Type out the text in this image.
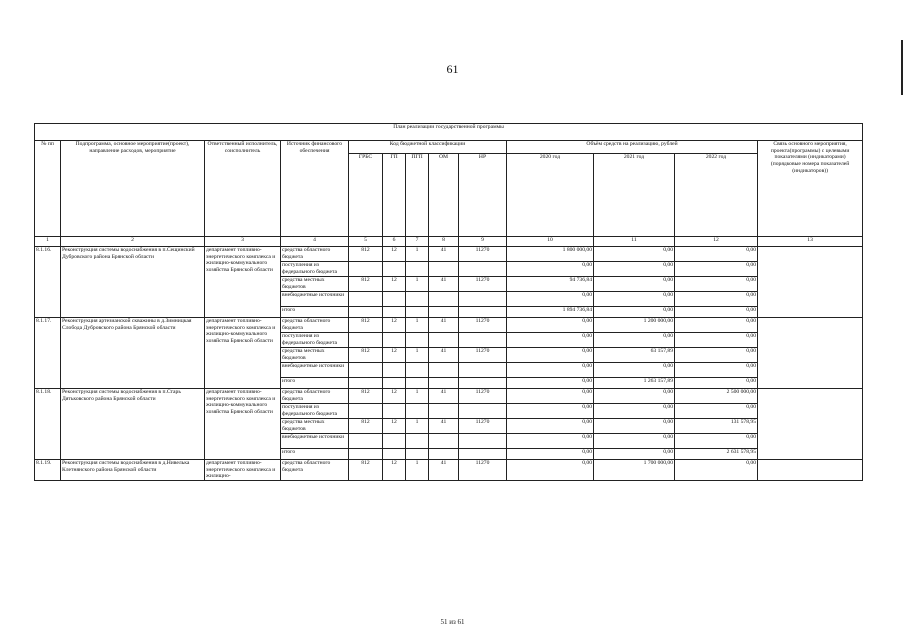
61
План реализации государственной программы												
№ пп	Подпрограмма, основное мероприятие(проект), направление расходов, мероприятие	Ответственный исполнитель, соисполнитель	Источник финансового обеспечения	Код бюджетной классификации					Объём средств на реализацию, рублей			Связь основного мероприятия, проекта(программы) с целевыми показателями (индикаторами) (порядковые номера показателей (индикаторов))
				ГРБС	ГП	ПГП	ОМ	НР	2020 год	2021 год	2022 год	
1	2	3	4	5	6	7	8	9	10	11	12	13
8.1.16.	Реконструкция системы водоснабжения в п.Сещинский Дубровского района Брянской области	департамент топливно-энергетического комплекса и жилищно-коммунального хозяйства Брянской области	средства областного бюджета	812	12	1	41	11270	1 800 000,00	0,00	0,00	
			поступления из федерального бюджета						0,00	0,00	0,00	
			средства местных бюджетов	812	12	1	41	11270	94 736,84	0,00	0,00	
			внебюджетные источники						0,00	0,00	0,00	
			итого						1 894 736,84	0,00	0,00	
8.1.17.	Реконструкция артезианской скважины в д.Зимницкая Слобода Дубровского района Брянской области	департамент топливно-энергетического комплекса и жилищно-коммунального хозяйства Брянской области	средства областного бюджета	812	12	1	41	11270	0,00	1 200 000,00	0,00	
			поступления из федерального бюджета						0,00	0,00	0,00	
			средства местных бюджетов	812	12	1	41	11270	0,00	63 157,89	0,00	
			внебюджетные источники						0,00	0,00	0,00	
			итого						0,00	1 263 157,89	0,00	
8.1.18.	Реконструкция системы водоснабжения в п.Старь Дятьковского района Брянской области	департамент топливно-энергетического комплекса и жилищно-коммунального хозяйства Брянской области	средства областного бюджета	812	12	1	41	11270	0,00	0,00	2 500 000,00	
			поступления из федерального бюджета						0,00	0,00	0,00	
			средства местных бюджетов	812	12	1	41	11270	0,00	0,00	131 578,95	
			внебюджетные источники						0,00	0,00	0,00	
			итого						0,00	0,00	2 631 578,95	
8.1.19.	Реконструкция системы водоснабжения в д.Нивелька Клетнянского района Брянской области	департамент топливно-энергетического комплекса и жилищно-	средства областного бюджета	812	12	1	41	11270	0,00	1 700 000,00	0,00	
51 из 61
